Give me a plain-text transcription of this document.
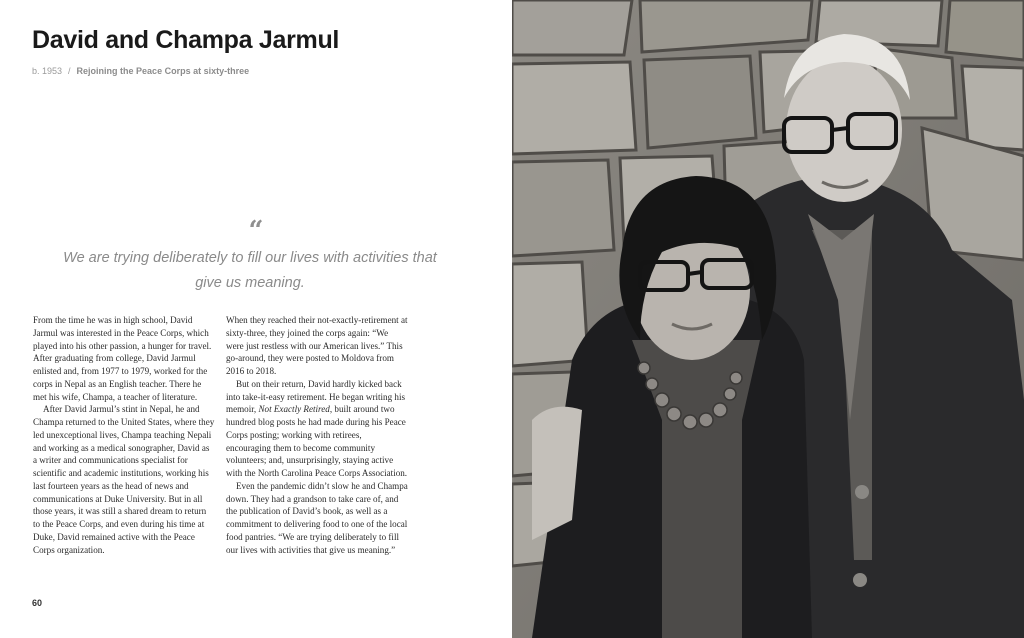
David and Champa Jarmul
b. 1953 / Rejoining the Peace Corps at sixty-three
“
We are trying deliberately to fill our lives with activities that give us meaning.

From the time he was in high school, David Jarmul was interested in the Peace Corps, which played into his other passion, a hunger for travel. After graduating from college, David Jarmul enlisted and, from 1977 to 1979, worked for the corps in Nepal as an English teacher. There he met his wife, Champa, a teacher of literature.

After David Jarmul’s stint in Nepal, he and Champa returned to the United States, where they led unexceptional lives, Champa teaching Nepali and working as a medical sonographer, David as a writer and communications specialist for scientific and academic institutions, working his last fourteen years as the head of news and communications at Duke University. But in all those years, it was still a shared dream to return to the Peace Corps, and even during his time at Duke, David remained active with the Peace Corps organization.

When they reached their not-exactly-retirement at sixty-three, they joined the corps again: “We were just restless with our American lives.” This go-around, they were posted to Moldova from 2016 to 2018.

But on their return, David hardly kicked back into take-it-easy retirement. He began writing his memoir, Not Exactly Retired, built around two hundred blog posts he had made during his Peace Corps posting; working with retirees, encouraging them to become community volunteers; and, unsurprisingly, staying active with the North Carolina Peace Corps Association.

Even the pandemic didn’t slow he and Champa down. They had a grandson to take care of, and the publication of David’s book, as well as a commitment to delivering food to one of the local food pantries. “We are trying deliberately to fill our lives with activities that give us meaning.”

60
